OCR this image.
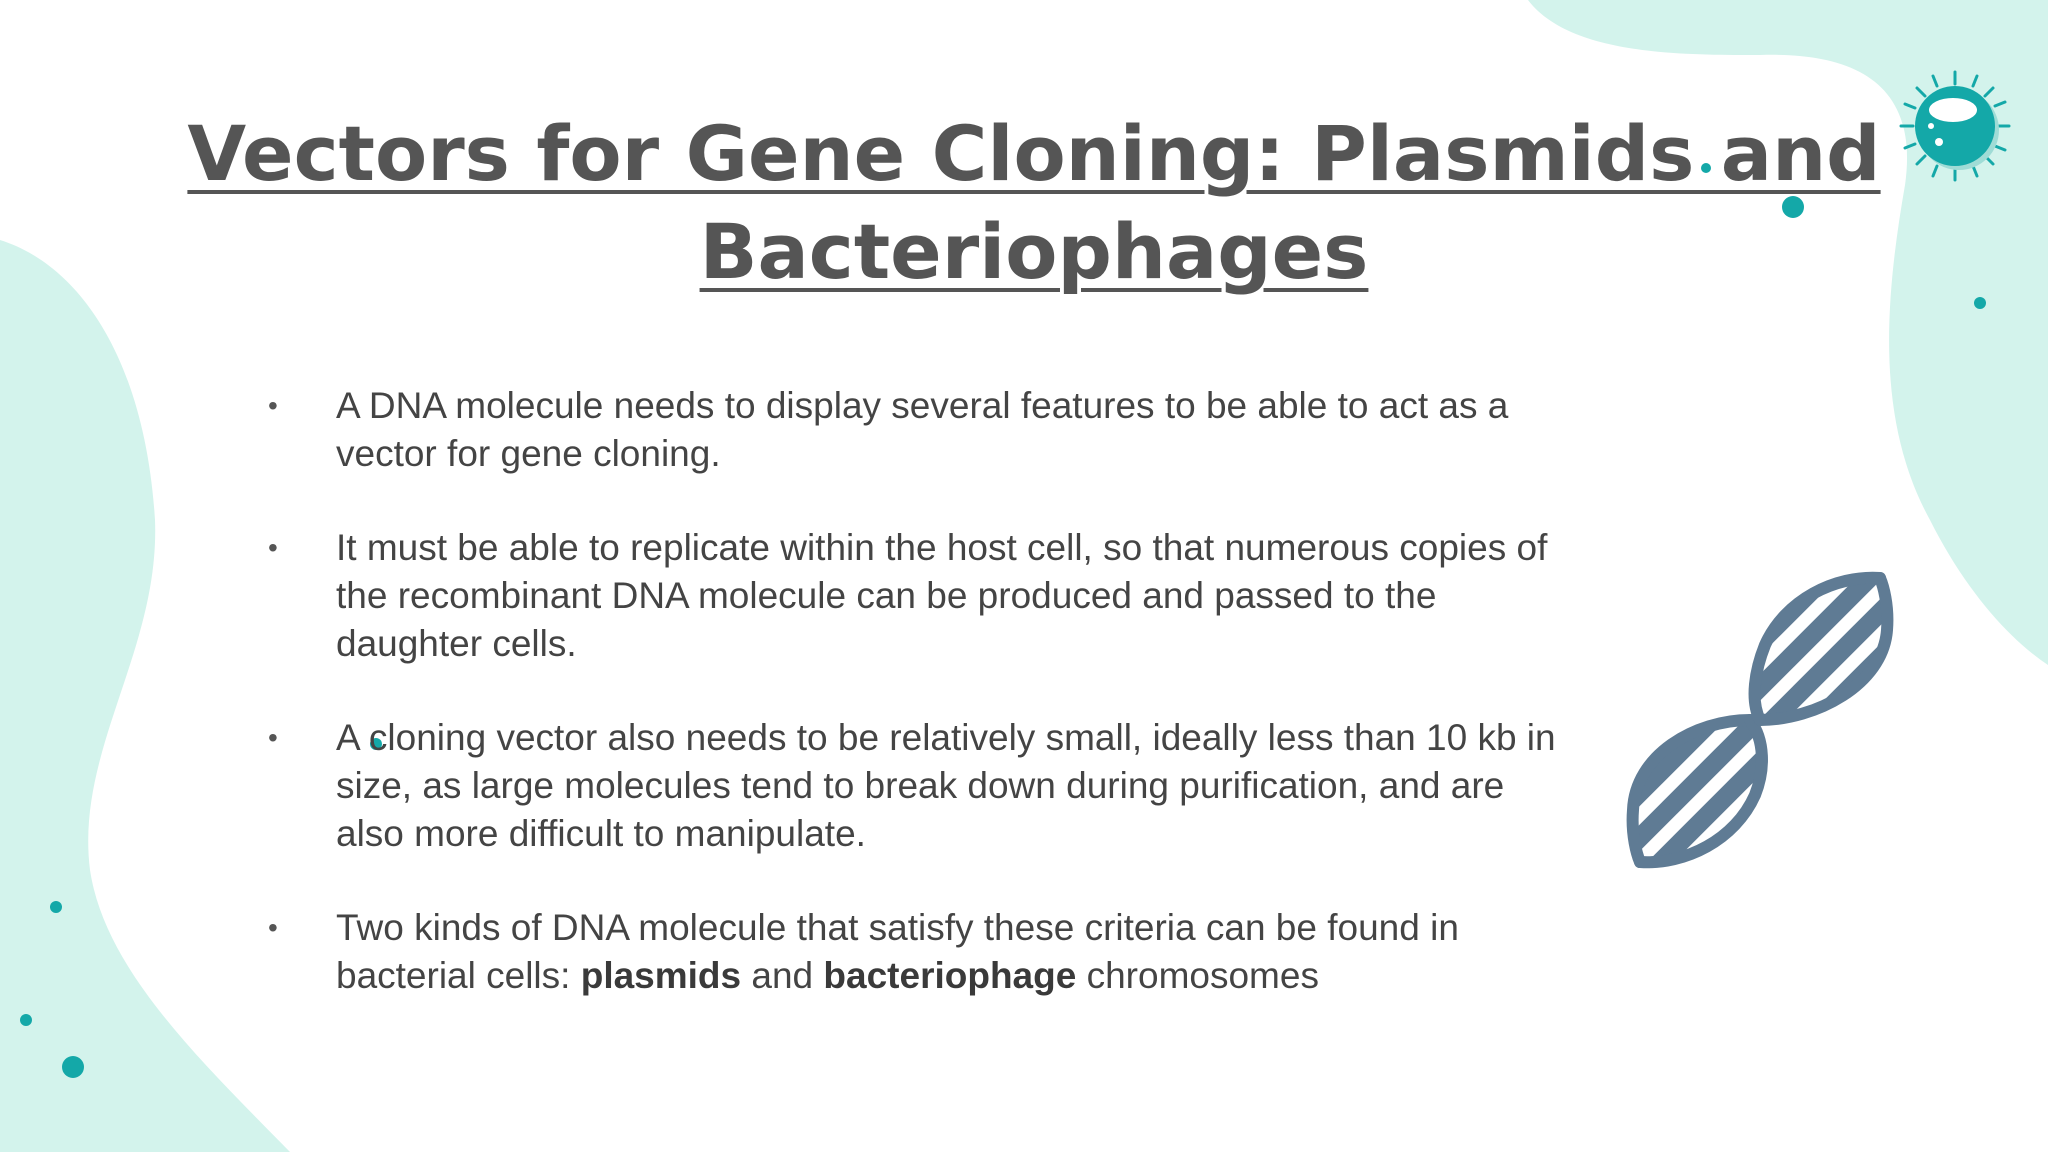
Vectors for Gene Cloning: Plasmids and Bacteriophages
•	A DNA molecule needs to display several features to be able to act as a vector for gene cloning.
•	It must be able to replicate within the host cell, so that numerous copies of the recombinant DNA molecule can be produced and passed to the daughter cells.
•	A cloning vector also needs to be relatively small, ideally less than 10 kb in size, as large molecules tend to break down during purification, and are also more difficult to manipulate.
•	Two kinds of DNA molecule that satisfy these criteria can be found in bacterial cells: plasmids and bacteriophage chromosomes
